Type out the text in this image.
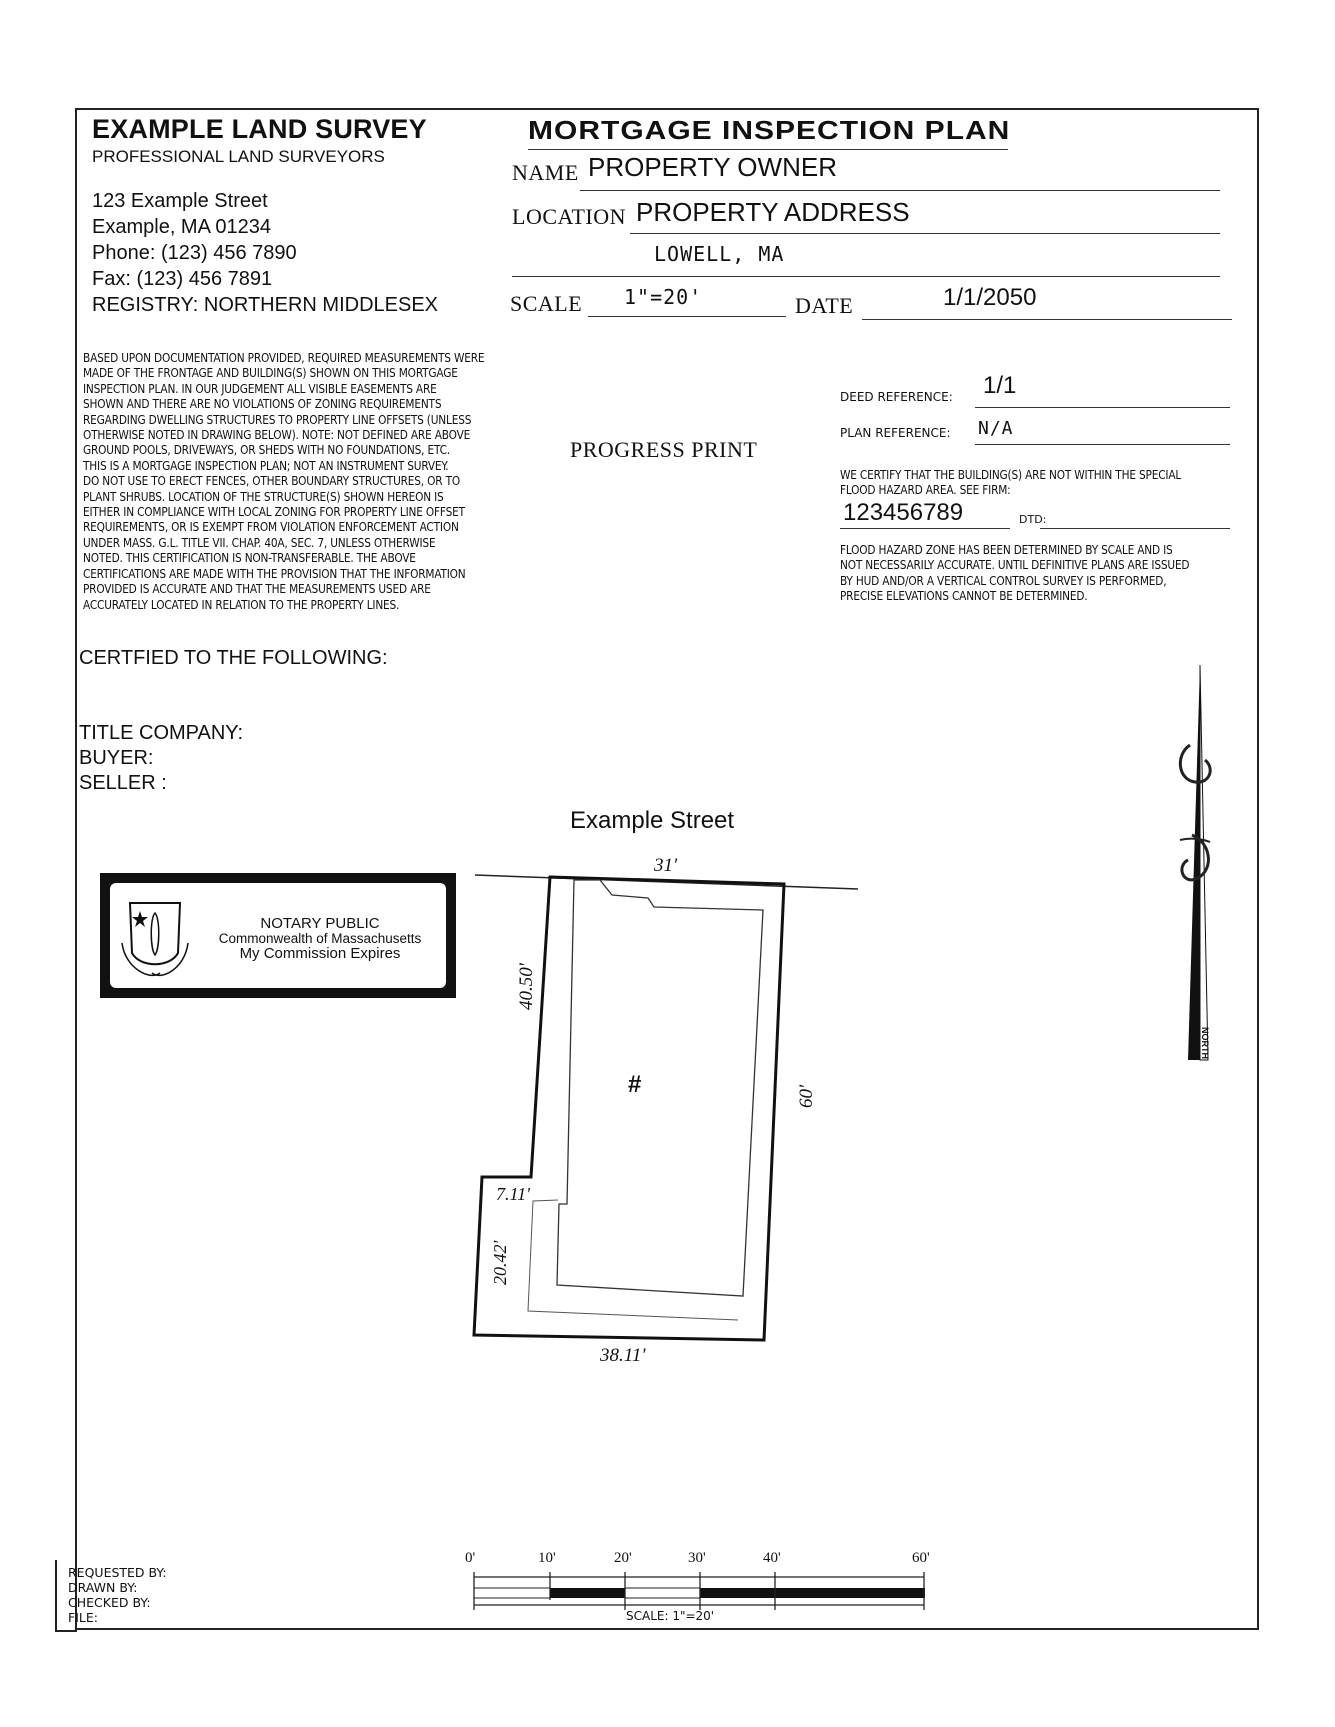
EXAMPLE LAND SURVEY
PROFESSIONAL LAND SURVEYORS
123 Example Street
Example, MA 01234
Phone: (123) 456 7890
Fax: (123) 456 7891
REGISTRY: NORTHERN MIDDLESEX
MORTGAGE INSPECTION PLAN
NAME PROPERTY OWNER
LOCATION PROPERTY ADDRESS
LOWELL, MA
SCALE 1"=20'	DATE	1/1/2050
BASED UPON DOCUMENTATION PROVIDED, REQUIRED MEASUREMENTS WERE
MADE OF THE FRONTAGE AND BUILDING(S) SHOWN ON THIS MORTGAGE
INSPECTION PLAN. IN OUR JUDGEMENT ALL VISIBLE EASEMENTS ARE
SHOWN AND THERE ARE NO VIOLATIONS OF ZONING REQUIREMENTS
REGARDING DWELLING STRUCTURES TO PROPERTY LINE OFFSETS (UNLESS
OTHERWISE NOTED IN DRAWING BELOW). NOTE: NOT DEFINED ARE ABOVE
GROUND POOLS, DRIVEWAYS, OR SHEDS WITH NO FOUNDATIONS, ETC.
THIS IS A MORTGAGE INSPECTION PLAN; NOT AN INSTRUMENT SURVEY.
DO NOT USE TO ERECT FENCES, OTHER BOUNDARY STRUCTURES, OR TO
PLANT SHRUBS. LOCATION OF THE STRUCTURE(S) SHOWN HEREON IS
EITHER IN COMPLIANCE WITH LOCAL ZONING FOR PROPERTY LINE OFFSET
REQUIREMENTS, OR IS EXEMPT FROM VIOLATION ENFORCEMENT ACTION
UNDER MASS. G.L. TITLE VII. CHAP. 40A, SEC. 7, UNLESS OTHERWISE
NOTED. THIS CERTIFICATION IS NON-TRANSFERABLE. THE ABOVE
CERTIFICATIONS ARE MADE WITH THE PROVISION THAT THE INFORMATION
PROVIDED IS ACCURATE AND THAT THE MEASUREMENTS USED ARE
ACCURATELY LOCATED IN RELATION TO THE PROPERTY LINES.
PROGRESS PRINT
DEED REFERENCE: 1/1
PLAN REFERENCE: N/A
WE CERTIFY THAT THE BUILDING(S) ARE NOT WITHIN THE SPECIAL
FLOOD HAZARD AREA. SEE FIRM:
123456789	DTD:
FLOOD HAZARD ZONE HAS BEEN DETERMINED BY SCALE AND IS
NOT NECESSARILY ACCURATE. UNTIL DEFINITIVE PLANS ARE ISSUED
BY HUD AND/OR A VERTICAL CONTROL SURVEY IS PERFORMED,
PRECISE ELEVATIONS CANNOT BE DETERMINED.
CERTFIED TO THE FOLLOWING:
TITLE COMPANY:
BUYER:
SELLER :
Example Street
31'
40.50'
60'
7.11'
20.42'
38.11'
#
NORTH
NOTARY PUBLIC
Commonwealth of Massachusetts
My Commission Expires
0'	10'	20'	30'	40'	60'
SCALE: 1"=20'
REQUESTED BY:
DRAWN BY:
CHECKED BY:
FILE:
